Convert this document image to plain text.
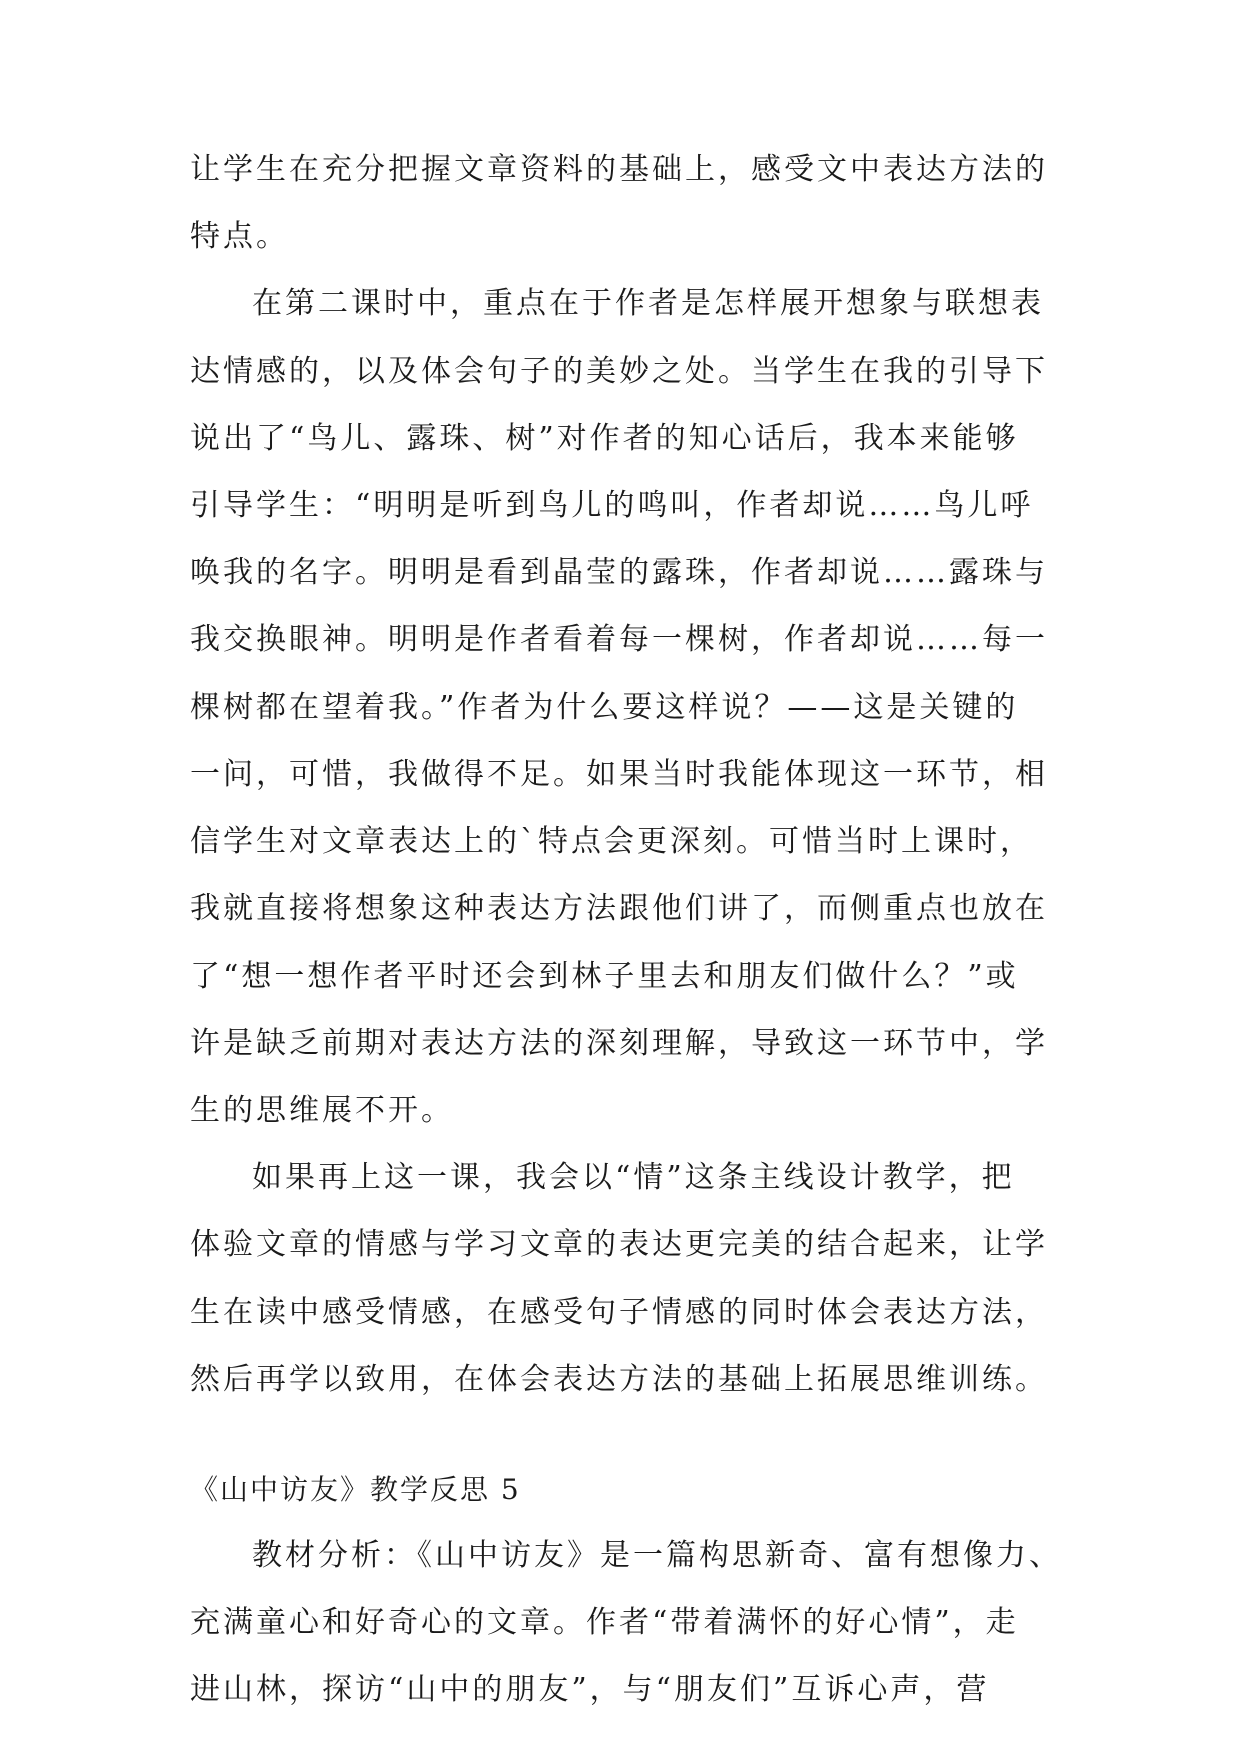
让学生在充分把握文章资料的基础上，感受文中表达方法的
特点。
在第二课时中，重点在于作者是怎样展开想象与联想表
达情感的，以及体会句子的美妙之处。当学生在我的引导下
说出了“鸟儿、露珠、树”对作者的知心话后，我本来能够
引导学生：“明明是听到鸟儿的鸣叫，作者却说……鸟儿呼
唤我的名字。明明是看到晶莹的露珠，作者却说……露珠与
我交换眼神。明明是作者看着每一棵树，作者却说……每一
棵树都在望着我。”作者为什么要这样说？——这是关键的
一问，可惜，我做得不足。如果当时我能体现这一环节，相
信学生对文章表达上的`特点会更深刻。可惜当时上课时，
我就直接将想象这种表达方法跟他们讲了，而侧重点也放在
了“想一想作者平时还会到林子里去和朋友们做什么？”或
许是缺乏前期对表达方法的深刻理解，导致这一环节中，学
生的思维展不开。
如果再上这一课，我会以“情”这条主线设计教学，把
体验文章的情感与学习文章的表达更完美的结合起来，让学
生在读中感受情感，在感受句子情感的同时体会表达方法，
然后再学以致用，在体会表达方法的基础上拓展思维训练。
《山中访友》教学反思 5
教材分析：《山中访友》是一篇构思新奇、富有想像力、
充满童心和好奇心的文章。作者“带着满怀的好心情”，走
进山林，探访“山中的朋友”，与“朋友们”互诉心声，营
